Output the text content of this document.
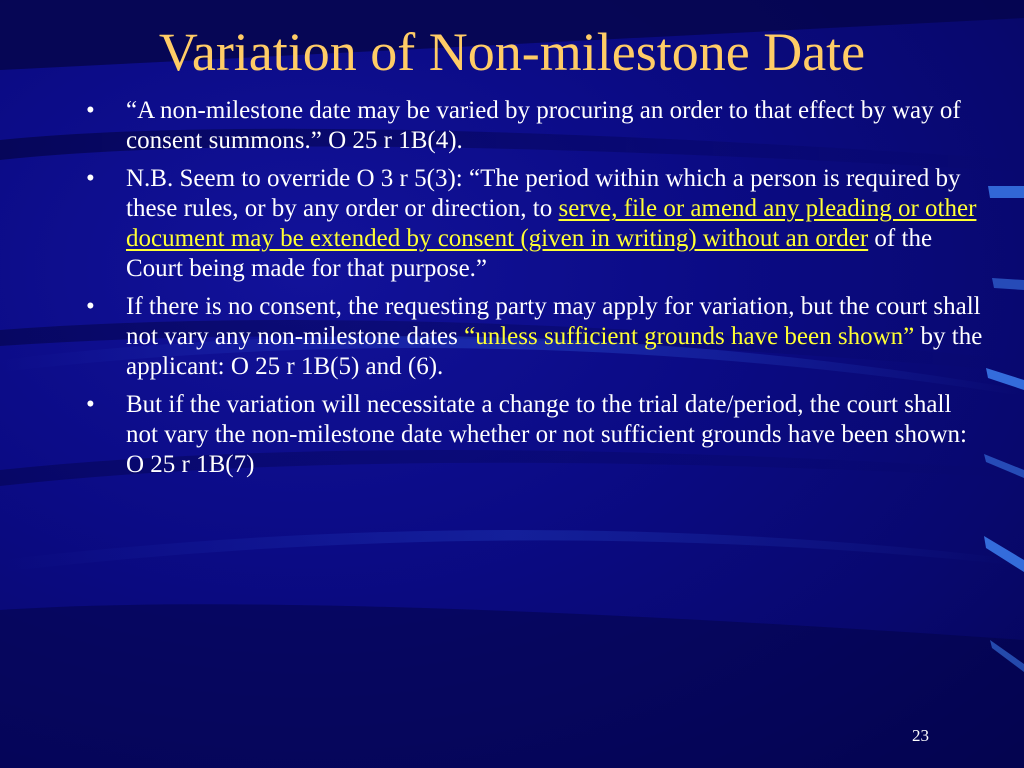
Variation of Non-milestone Date
•	“A non-milestone date may be varied by procuring an order to that effect by way of consent summons.” O 25 r 1B(4).
•	N.B. Seem to override O 3 r 5(3): “The period within which a person is required by these rules, or by any order or direction, to serve, file or amend any pleading or other document may be extended by consent (given in writing) without an order of the Court being made for that purpose.”
•	If there is no consent, the requesting party may apply for variation, but the court shall not vary any non-milestone dates “unless sufficient grounds have been shown” by the applicant: O 25 r 1B(5) and (6).
•	But if the variation will necessitate a change to the trial date/period, the court shall not vary the non-milestone date whether or not sufficient grounds have been shown: O 25 r 1B(7)
23
